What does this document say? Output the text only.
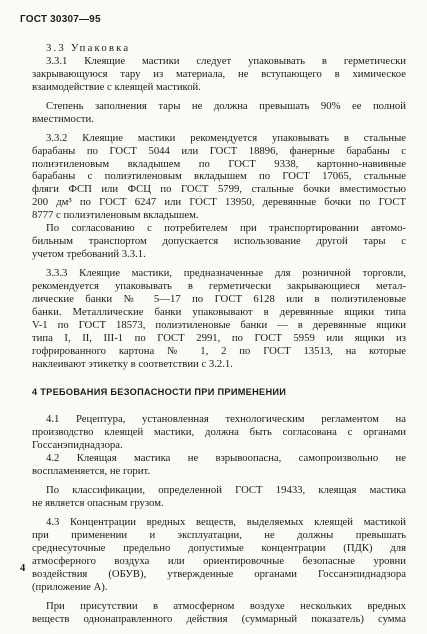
ГОСТ 30307—95
3.3 Упаковка
3.3.1 Клеящие мастики следует упаковывать в герметически
закрывающуюся тару из материала, не вступающего в химическое
взаимодействие с клеящей мастикой.
Степень заполнения тары не должна превышать 90% ее полной
вместимости.
3.3.2 Клеящие мастики рекомендуется упаковывать в стальные
барабаны по ГОСТ 5044 или ГОСТ 18896, фанерные барабаны с
полиэтиленовым вкладышем по ГОСТ 9338, картонно-навивные
барабаны с полиэтиленовым вкладышем по ГОСТ 17065, стальные
фляги ФСП или ФСЦ по ГОСТ 5799, стальные бочки вместимостью
200 дм³ по ГОСТ 6247 или ГОСТ 13950, деревянные бочки по ГОСТ
8777 с полиэтиленовым вкладышем.
По согласованию с потребителем при транспортировании автомо-
бильным транспортом допускается использование другой тары с
учетом требований 3.3.1.
3.3.3 Клеящие мастики, предназначенные для розничной торговли,
рекомендуется упаковывать в герметически закрывающиеся метал-
лические банки № 5—17 по ГОСТ 6128 или в полиэтиленовые
банки. Металлические банки упаковывают в деревянные ящики типа
V-1 по ГОСТ 18573, полиэтиленовые банки — в деревянные ящики
типа I, II, III-1 по ГОСТ 2991, по ГОСТ 5959 или ящики из
гофрированного картона № 1, 2 по ГОСТ 13513, на которые
наклеивают этикетку в соответствии с 3.2.1.
4 ТРЕБОВАНИЯ БЕЗОПАСНОСТИ ПРИ ПРИМЕНЕНИИ
4.1 Рецептура, установленная технологическим регламентом на
производство клеящей мастики, должна быть согласована с органами
Госсанэпиднадзора.
4.2 Клеящая мастика не взрывоопасна, самопроизвольно не
воспламеняется, не горит.
По классификации, определенной ГОСТ 19433, клеящая мастика
не является опасным грузом.
4.3 Концентрации вредных веществ, выделяемых клеящей мастикой
при применении и эксплуатации, не должны превышать
среднесуточные предельно допустимые концентрации (ПДК) для
атмосферного воздуха или ориентировочные безопасные уровни
воздействия (ОБУВ), утвержденные органами Госсанэпиднадзора
(приложение А).
При присутствии в атмосферном воздухе нескольких вредных
веществ однонаправленного действия (суммарный показатель) сумма
4
